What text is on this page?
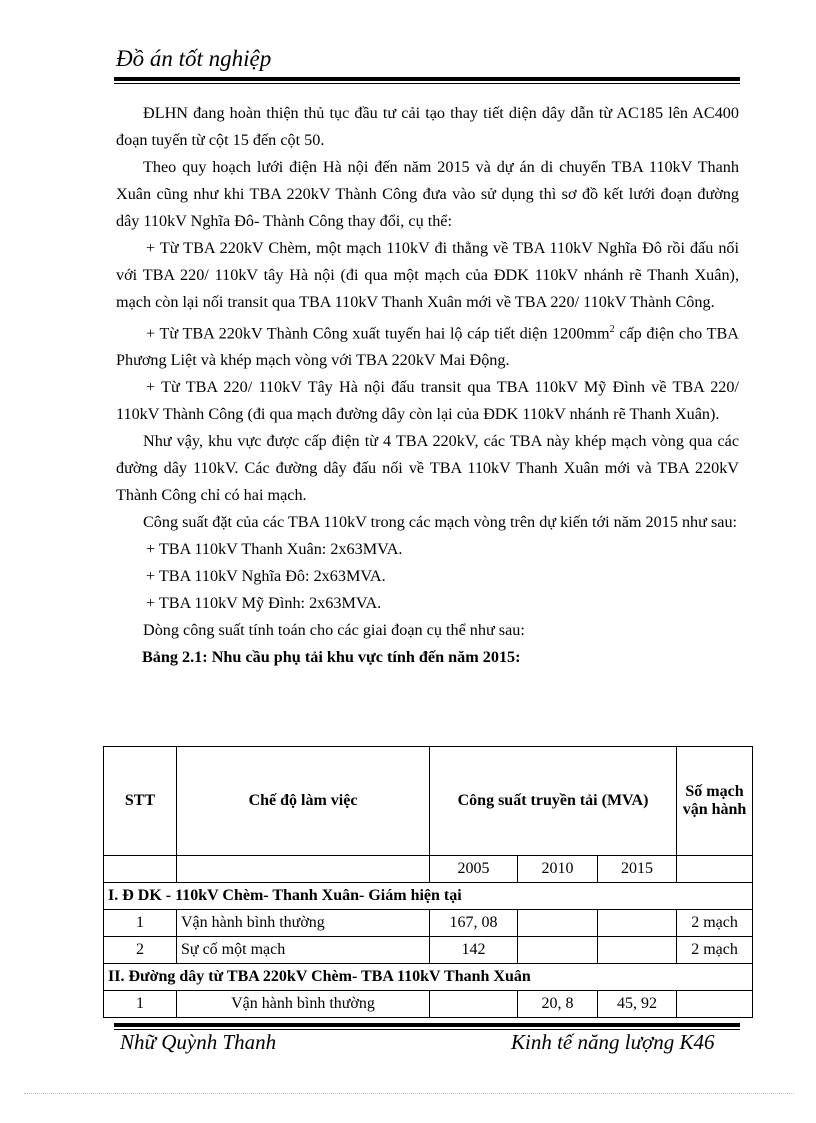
Đồ án tốt nghiệp

ĐLHN đang hoàn thiện thủ tục đầu tư cải tạo thay tiết diện dây dẫn từ AC185 lên AC400 đoạn tuyến từ cột 15 đến cột 50.

Theo quy hoạch lưới điện Hà nội đến năm 2015 và dự án di chuyển TBA 110kV Thanh Xuân cũng như khi TBA 220kV Thành Công đưa vào sử dụng thì sơ đồ kết lưới đoạn đường dây 110kV Nghĩa Đô- Thành Công thay đổi, cụ thể:

+ Từ TBA 220kV Chèm, một mạch 110kV đi thẳng về TBA 110kV Nghĩa Đô rồi đấu nối với TBA 220/ 110kV tây Hà nội (đi qua một mạch của ĐDK 110kV nhánh rẽ Thanh Xuân), mạch còn lại nối transit qua TBA 110kV Thanh Xuân mới về TBA 220/ 110kV Thành Công.

+ Từ TBA 220kV Thành Công xuất tuyến hai lộ cáp tiết diện $1200mm^2$ cấp điện cho TBA Phương Liệt và khép mạch vòng với TBA 220kV Mai Động.

+ Từ TBA 220/ 110kV Tây Hà nội đấu transit qua TBA 110kV Mỹ Đình về TBA 220/ 110kV Thành Công (đi qua mạch đường dây còn lại của ĐDK 110kV nhánh rẽ Thanh Xuân).

Như vậy, khu vực được cấp điện từ 4 TBA 220kV, các TBA này khép mạch vòng qua các đường dây 110kV. Các đường dây đấu nối về TBA 110kV Thanh Xuân mới và TBA 220kV Thành Công chỉ có hai mạch.

Công suất đặt của các TBA 110kV trong các mạch vòng trên dự kiến tới năm 2015 như sau:

+ TBA 110kV Thanh Xuân: 2x63MVA.

+ TBA 110kV Nghĩa Đô: 2x63MVA.

+ TBA 110kV Mỹ Đình: 2x63MVA.

Dòng công suất tính toán cho các giai đoạn cụ thể như sau:

Bảng 2.1: Nhu cầu phụ tải khu vực tính đến năm 2015:

STT	Chế độ làm việc	Công suất truyền tải (MVA)			Số mạch vận hành
		2005	2010	2015	
I. Đ DK - 110kV Chèm- Thanh Xuân- Giám hiện tại					
1	Vận hành bình thường	167, 08			2 mạch
2	Sự cố một mạch	142			2 mạch
II. Đường dây từ TBA 220kV Chèm- TBA 110kV Thanh Xuân					
1	Vận hành bình thường		20, 8	45, 92	
Nhữ Quỳnh Thanh	Kinh tế năng lượng K46
